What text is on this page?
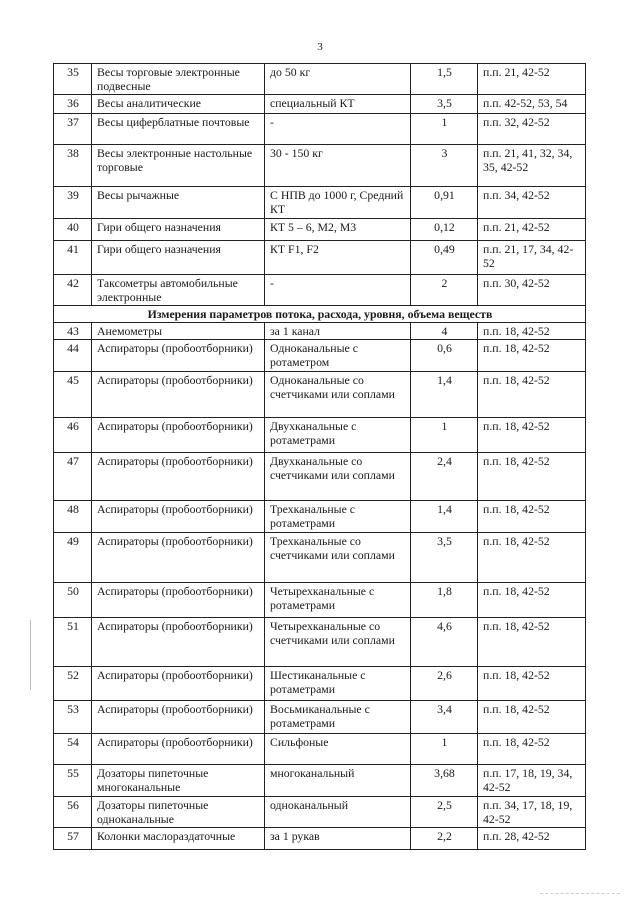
3
35	Весы торговые электронные подвесные	до 50 кг	1,5	п.п. 21, 42-52
36	Весы аналитические	специальный КТ	3,5	п.п. 42-52, 53, 54
37	Весы циферблатные почтовые	-	1	п.п. 32, 42-52
38	Весы электронные настольные торговые	30 - 150 кг	3	п.п. 21, 41, 32, 34, 35, 42-52
39	Весы рычажные	С НПВ до 1000 г, Средний КТ	0,91	п.п. 34, 42-52
40	Гири общего назначения	КТ 5 – 6, М2, М3	0,12	п.п. 21, 42-52
41	Гири общего назначения	КТ F1, F2	0,49	п.п. 21, 17, 34, 42-52
42	Таксометры автомобильные электронные	-	2	п.п. 30, 42-52
Измерения параметров потока, расхода, уровня, объема веществ				
43	Анемометры	за 1 канал	4	п.п. 18, 42-52
44	Аспираторы (пробоотборники)	Одноканальные с ротаметром	0,6	п.п. 18, 42-52
45	Аспираторы (пробоотборники)	Одноканальные со счетчиками или соплами	1,4	п.п. 18, 42-52
46	Аспираторы (пробоотборники)	Двухканальные с ротаметрами	1	п.п. 18, 42-52
47	Аспираторы (пробоотборники)	Двухканальные со счетчиками или соплами	2,4	п.п. 18, 42-52
48	Аспираторы (пробоотборники)	Трехканальные с ротаметрами	1,4	п.п. 18, 42-52
49	Аспираторы (пробоотборники)	Трехканальные со счетчиками или соплами	3,5	п.п. 18, 42-52
50	Аспираторы (пробоотборники)	Четырехканальные с ротаметрами	1,8	п.п. 18, 42-52
51	Аспираторы (пробоотборники)	Четырехканальные со счетчиками или соплами	4,6	п.п. 18, 42-52
52	Аспираторы (пробоотборники)	Шестиканальные с ротаметрами	2,6	п.п. 18, 42-52
53	Аспираторы (пробоотборники)	Восьмиканальные с ротаметрами	3,4	п.п. 18, 42-52
54	Аспираторы (пробоотборники)	Сильфоные	1	п.п. 18, 42-52
55	Дозаторы пипеточные многоканальные	многоканальный	3,68	п.п. 17, 18, 19, 34, 42-52
56	Дозаторы пипеточные одноканальные	одноканальный	2,5	п.п. 34, 17, 18, 19, 42-52
57	Колонки маслораздаточные	за 1 рукав	2,2	п.п. 28, 42-52
